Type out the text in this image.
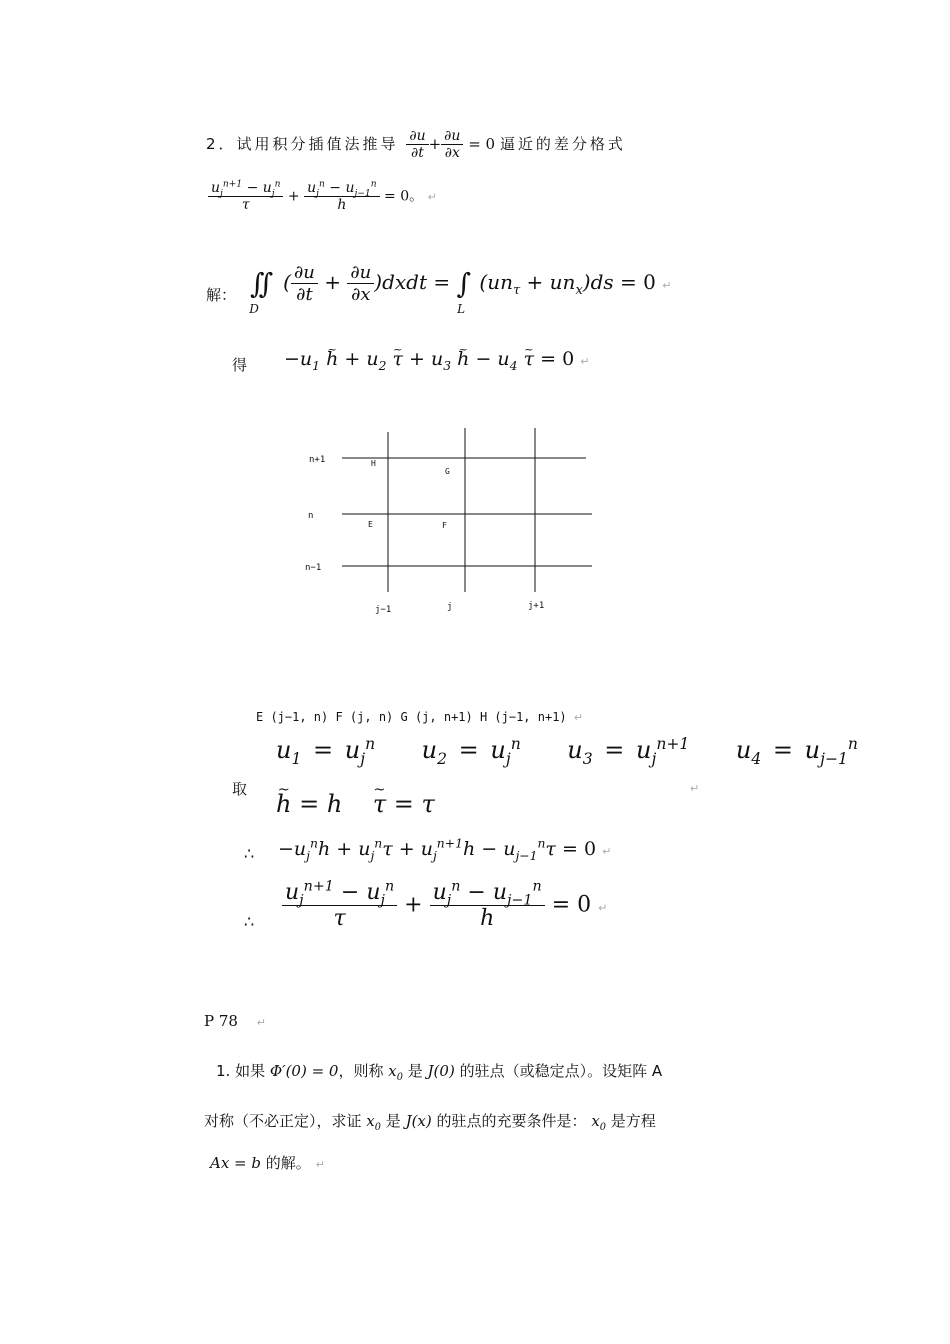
2．试用积分插值法推导 $\frac{\partial u}{\partial t} + \frac{\partial u}{\partial x} = 0$ 逼近的差分格式
$\frac{u_j^{n+1} - u_j^n}{\tau} + \frac{u_j^n - u_{j-1}^n}{h} = 0$。 ↵
解： $\int\int_D$ ( $\frac{\partial u}{\partial t} + \frac{\partial u}{\partial x}$ )dxdt = $\int_L$ $(un_\tau + un_x)ds = 0$ ↵
得 $-u_1$ ~ $h + u_2$ ~ $\tau + u_3$ ~ $h - u_4$ ~ τ = 0 ↵
n+1
n
n−1
j−1	j	j+1
H
G
E	F
E (j−1, n) F (j, n) G (j, n+1) H (j−1, n+1) ↵
$u_1 = u_j^n$    $u_2 = u_j^n$    $u_3 = u_j^{n+1}$    $u_4 = u_{j-1}^n$
取
~ h = h    ~ τ = τ
↵
∴ $-u_j^nh + u_j^n\tau + u_j^{n+1}h - u_{j-1}^n\tau = 0$ ↵
∴ $\frac{u_j^{n+1} - u_j^n}{\tau} + \frac{u_j^n - u_{j-1}^n}{h} = 0$ ↵
P 78 ↵
1. 如果 Φ′(0) = 0，则称 $x_0$ 是 J(0) 的驻点（或稳定点）。设矩阵 A
对称（不必正定），求证 $x_0$ 是 J(x) 的驻点的充要条件是： $x_0$ 是方程
Ax = b 的解。 ↵
